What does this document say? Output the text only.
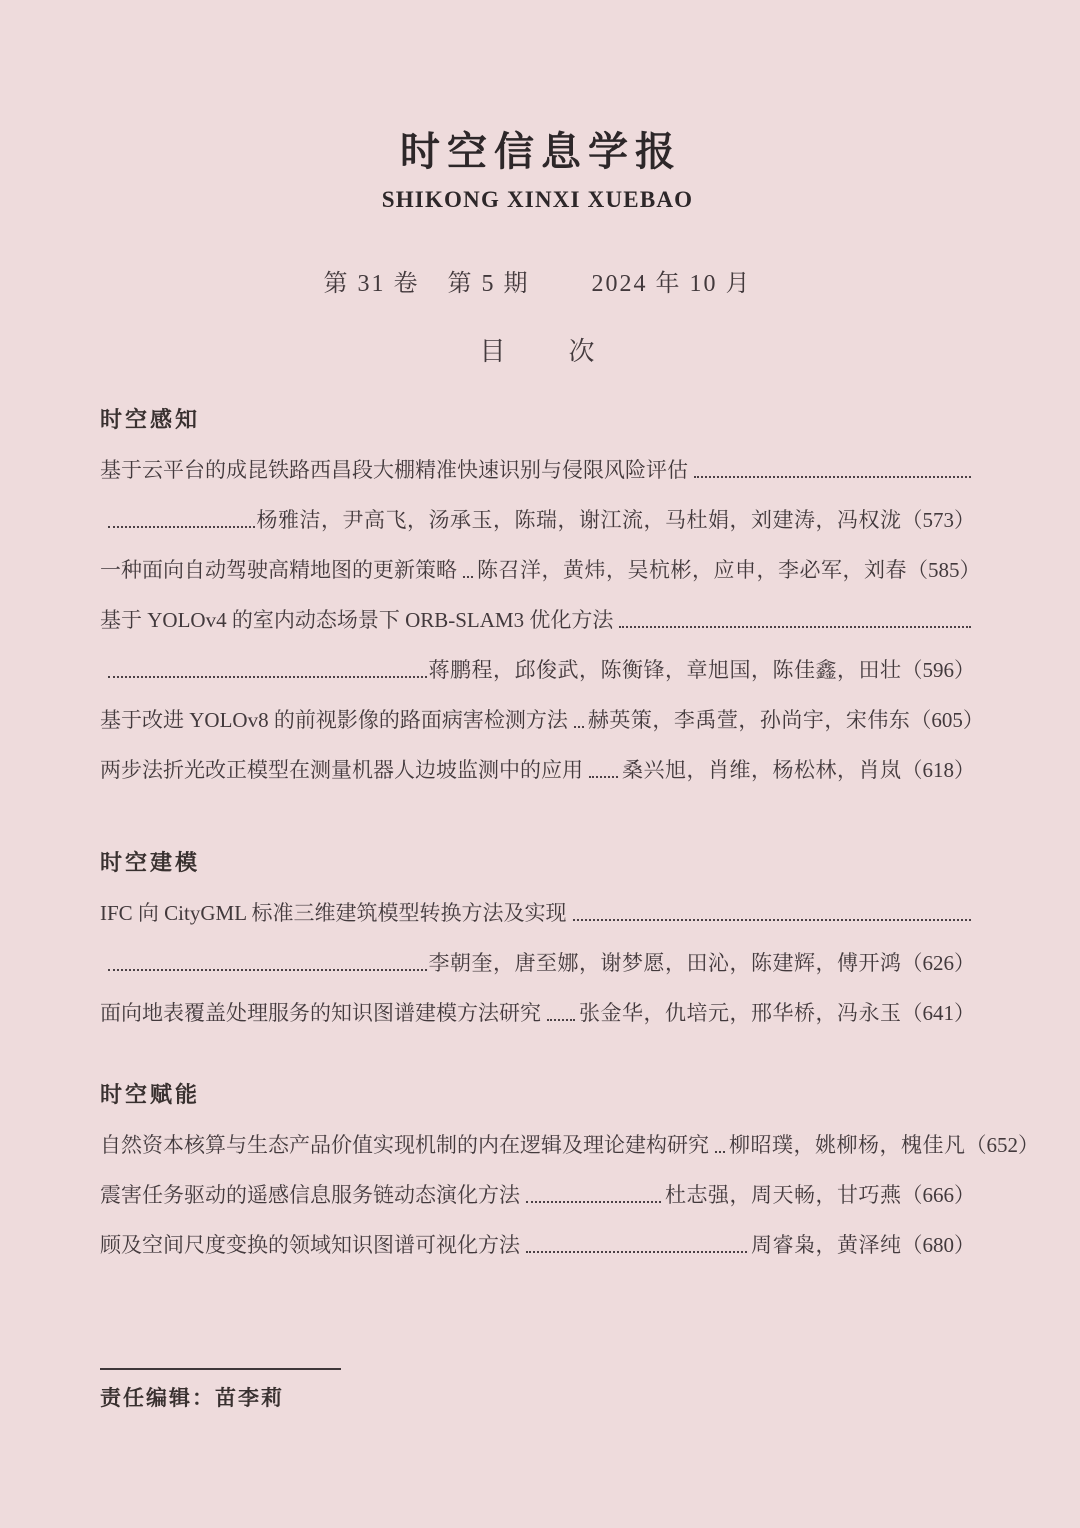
时空信息学报
SHIKONG XINXI XUEBAO
第 31 卷 第 5 期	2024 年 10 月
目 次
时空感知
基于云平台的成昆铁路西昌段大棚精准快速识别与侵限风险评估
杨雅洁，尹高飞，汤承玉，陈瑞，谢江流，马杜娟，刘建涛，冯权泷 （573）
一种面向自动驾驶高精地图的更新策略 陈召洋，黄炜，吴杭彬，应申，李必军，刘春 （585）
基于 YOLOv4 的室内动态场景下 ORB-SLAM3 优化方法
蒋鹏程，邱俊武，陈衡锋，章旭国，陈佳鑫，田壮 （596）
基于改进 YOLOv8 的前视影像的路面病害检测方法 赫英策，李禹萱，孙尚宇，宋伟东 （605）
两步法折光改正模型在测量机器人边坡监测中的应用 桑兴旭，肖维，杨松林，肖岚 （618）
时空建模
IFC 向 CityGML 标准三维建筑模型转换方法及实现
李朝奎，唐至娜，谢梦愿，田沁，陈建辉，傅开鸿 （626）
面向地表覆盖处理服务的知识图谱建模方法研究 张金华，仇培元，邢华桥，冯永玉 （641）
时空赋能
自然资本核算与生态产品价值实现机制的内在逻辑及理论建构研究 柳昭璞，姚柳杨，槐佳凡 （652）
震害任务驱动的遥感信息服务链动态演化方法	杜志强，周天畅，甘巧燕 （666）
顾及空间尺度变换的领域知识图谱可视化方法	周睿枭，黄泽纯 （680）
责任编辑：苗李莉
